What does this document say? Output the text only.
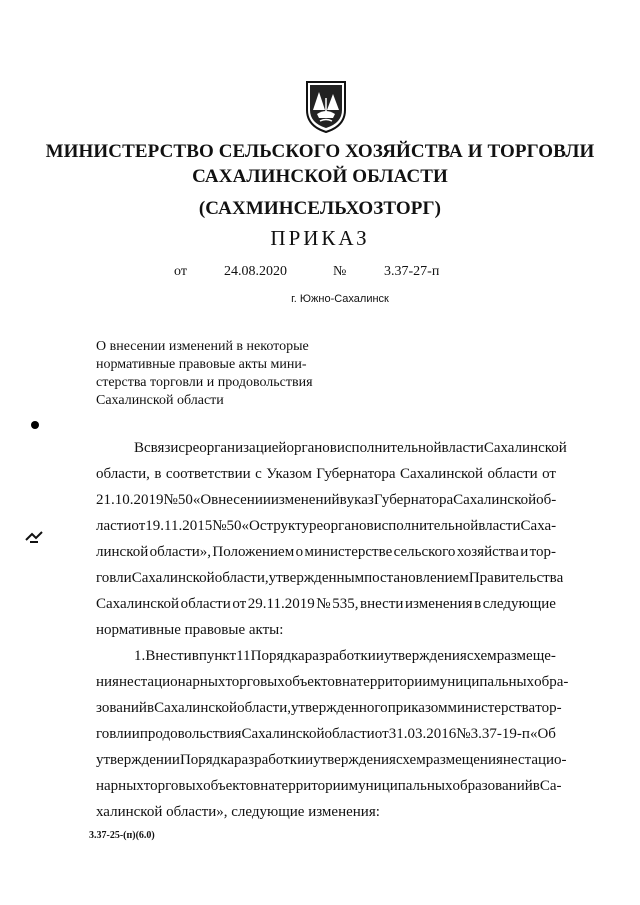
МИНИСТЕРСТВО СЕЛЬСКОГО ХОЗЯЙСТВА И ТОРГОВЛИ
САХАЛИНСКОЙ ОБЛАСТИ
(САХМИНСЕЛЬХОЗТОРГ)
ПРИКАЗ
от	24.08.2020	№	3.37-27-п
г. Южно-Сахалинск
О внесении изменений в некоторые
нормативные правовые акты мини-
стерства торговли и продовольствия
Сахалинской области
В связи с реорганизацией органов исполнительной власти Сахалинской
области, в соответствии с Указом Губернатора Сахалинской области от
21.10.2019 № 50 «О внесении изменений в указ Губернатора Сахалинской об-
ласти от 19.11.2015 № 50 «О структуре органов исполнительной власти Саха-
линской области», Положением о министерстве сельского хозяйства и тор-
говли Сахалинской области, утвержденным постановлением Правительства
Сахалинской области от 29.11.2019 № 535, внести изменения в следующие
нормативные правовые акты:
1. Внести в пункт 11 Порядка разработки и утверждения схем размеще-
ния нестационарных торговых объектов на территории муниципальных обра-
зований в Сахалинской области, утвержденного приказом министерства тор-
говли и продовольствия Сахалинской области от 31.03.2016 № 3.37-19-п «Об
утверждении Порядка разработки и утверждения схем размещения нестацио-
нарных торговых объектов на территории муниципальных образований в Са-
халинской области», следующие изменения:
3.37-25-(п)(6.0)
